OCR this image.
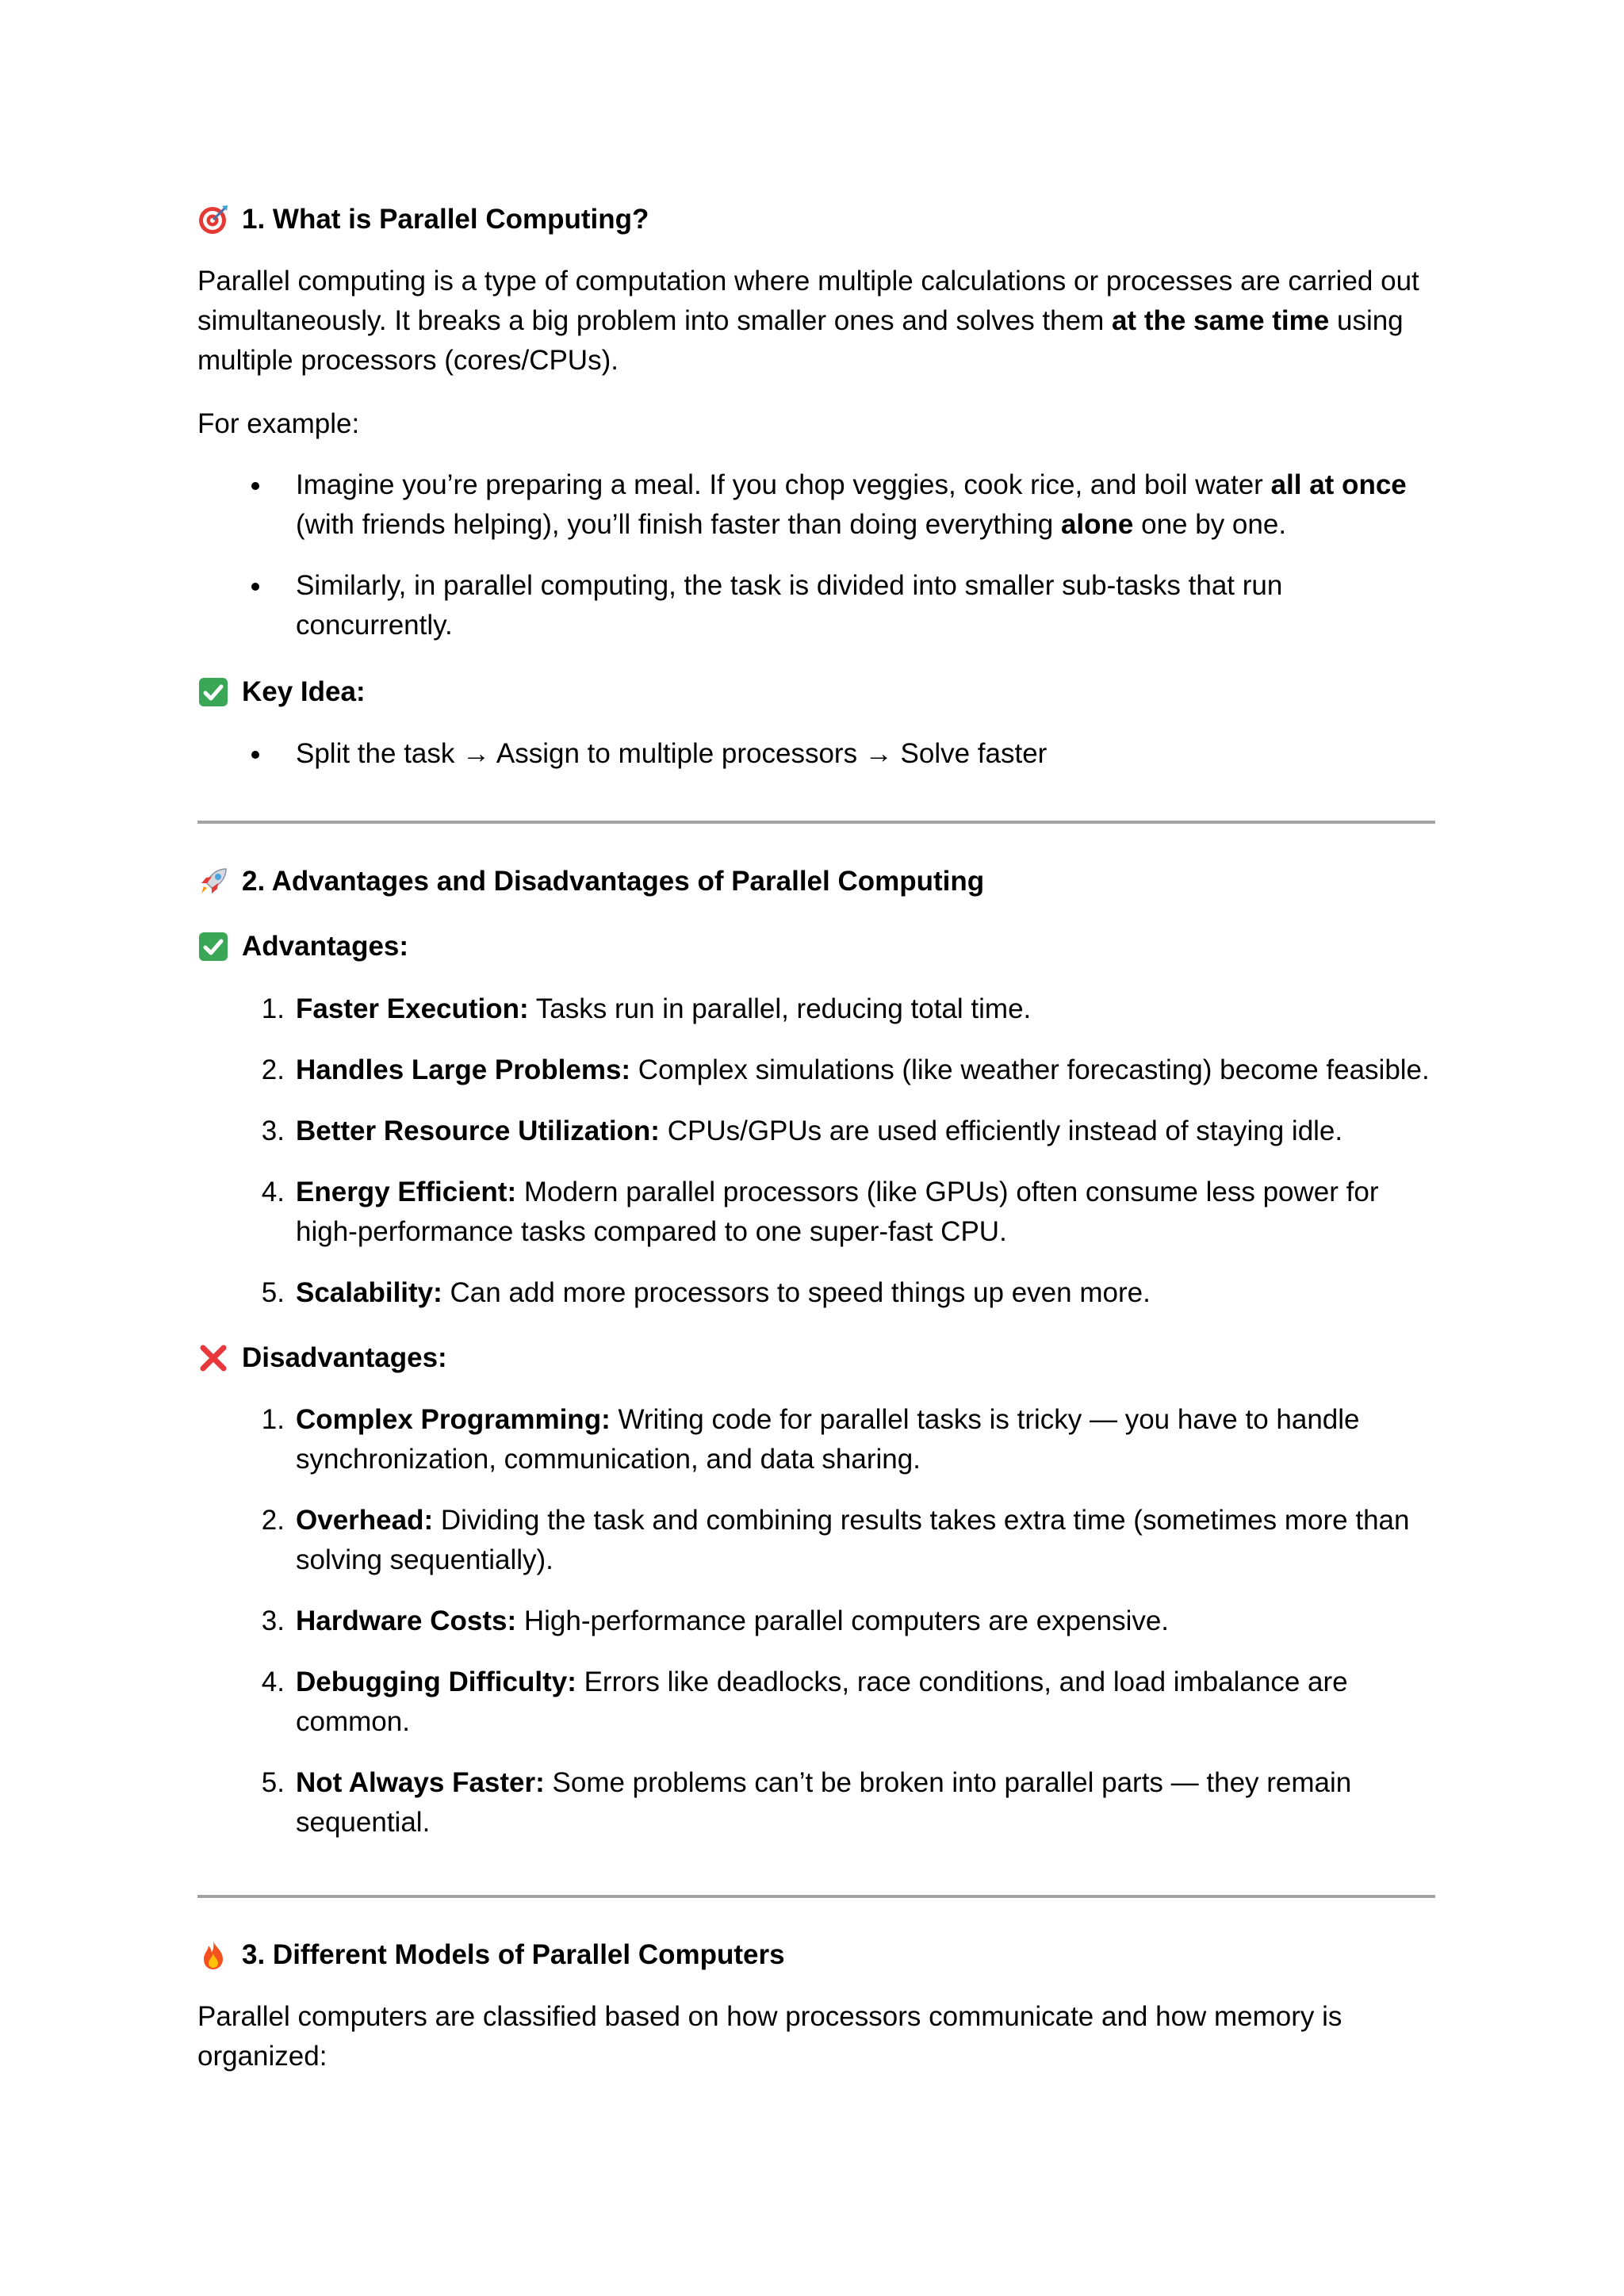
1. What is Parallel Computing?

Parallel computing is a type of computation where multiple calculations or processes are carried out simultaneously. It breaks a big problem into smaller ones and solves them at the same time using multiple processors (cores/CPUs).

For example:

Imagine you’re preparing a meal. If you chop veggies, cook rice, and boil water all at once (with friends helping), you’ll finish faster than doing everything alone one by one.
Similarly, in parallel computing, the task is divided into smaller sub-tasks that run concurrently.
Key Idea:
Split the task → Assign to multiple processors → Solve faster
2. Advantages and Disadvantages of Parallel Computing
Advantages:
1. Faster Execution: Tasks run in parallel, reducing total time.
2. Handles Large Problems: Complex simulations (like weather forecasting) become feasible.
3. Better Resource Utilization: CPUs/GPUs are used efficiently instead of staying idle.
4. Energy Efficient: Modern parallel processors (like GPUs) often consume less power for high-performance tasks compared to one super-fast CPU.
5. Scalability: Can add more processors to speed things up even more.
Disadvantages:
1. Complex Programming: Writing code for parallel tasks is tricky — you have to handle synchronization, communication, and data sharing.
2. Overhead: Dividing the task and combining results takes extra time (sometimes more than solving sequentially).
3. Hardware Costs: High-performance parallel computers are expensive.
4. Debugging Difficulty: Errors like deadlocks, race conditions, and load imbalance are common.
5. Not Always Faster: Some problems can’t be broken into parallel parts — they remain sequential.
3. Different Models of Parallel Computers

Parallel computers are classified based on how processors communicate and how memory is organized:
